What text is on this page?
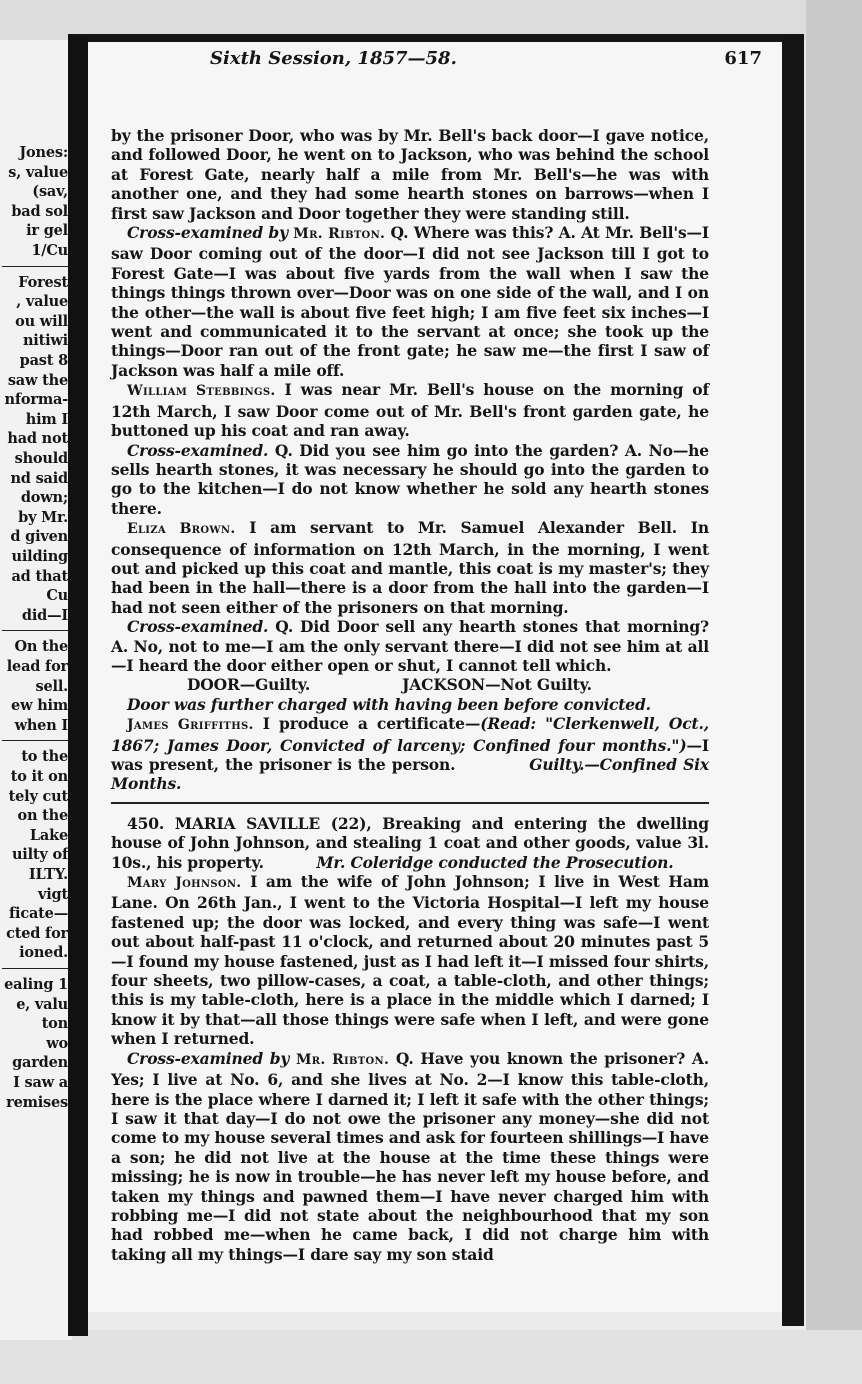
Jones:
s, value
(sav,
bad sol
ir gel
1/Cu
Forest
, value
ou will
nitiwi
past 8
saw the
nforma-
him I
had not
should
nd said
down;
by Mr.
d given
uilding
ad that
Cu
did—I
On the
lead for
sell.
ew him
when I
to the
to it on
tely cut
on the
Lake
uilty of
ILTY.
vigt
ficate—
cted for
ioned.
ealing 1
e, valu
ton
wo
garden
I saw a
remises
Sixth Session, 1857—58.	617

by the prisoner Door, who was by Mr. Bell's back door—I gave notice, and followed Door, he went on to Jackson, who was behind the school at Forest Gate, nearly half a mile from Mr. Bell's—he was with another one, and they had some hearth stones on barrows—when I first saw Jackson and Door together they were standing still.

Cross-examined by Mr. Ribton. Q. Where was this? A. At Mr. Bell's—I saw Door coming out of the door—I did not see Jackson till I got to Forest Gate—I was about five yards from the wall when I saw the things things thrown over—Door was on one side of the wall, and I on the other—the wall is about five feet high; I am five feet six inches—I went and communicated it to the servant at once; she took up the things—Door ran out of the front gate; he saw me—the first I saw of Jackson was half a mile off.

William Stebbings. I was near Mr. Bell's house on the morning of 12th March, I saw Door come out of Mr. Bell's front garden gate, he buttoned up his coat and ran away.

Cross-examined. Q. Did you see him go into the garden? A. No—he sells hearth stones, it was necessary he should go into the garden to go to the kitchen—I do not know whether he sold any hearth stones there.

Eliza Brown. I am servant to Mr. Samuel Alexander Bell. In consequence of information on 12th March, in the morning, I went out and picked up this coat and mantle, this coat is my master's; they had been in the hall—there is a door from the hall into the garden—I had not seen either of the prisoners on that morning.

Cross-examined. Q. Did Door sell any hearth stones that morning? A. No, not to me—I am the only servant there—I did not see him at all—I heard the door either open or shut, I cannot tell which.

DOOR—Guilty.	JACKSON—Not Guilty.

Door was further charged with having been before convicted.

James Griffiths. I produce a certificate—(Read: "Clerkenwell, Oct., 1867; James Door, Convicted of larceny; Confined four months.")—I was present, the prisoner is the person.	Guilty.—Confined Six Months.

450. MARIA SAVILLE (22), Breaking and entering the dwelling house of John Johnson, and stealing 1 coat and other goods, value 3l. 10s., his property.	Mr. Coleridge conducted the Prosecution.

Mary Johnson. I am the wife of John Johnson; I live in West Ham Lane. On 26th Jan., I went to the Victoria Hospital—I left my house fastened up; the door was locked, and every thing was safe—I went out about half-past 11 o'clock, and returned about 20 minutes past 5—I found my house fastened, just as I had left it—I missed four shirts, four sheets, two pillow-cases, a coat, a table-cloth, and other things; this is my table-cloth, here is a place in the middle which I darned; I know it by that—all those things were safe when I left, and were gone when I returned.

Cross-examined by Mr. Ribton. Q. Have you known the prisoner? A. Yes; I live at No. 6, and she lives at No. 2—I know this table-cloth, here is the place where I darned it; I left it safe with the other things; I saw it that day—I do not owe the prisoner any money—she did not come to my house several times and ask for fourteen shillings—I have a son; he did not live at the house at the time these things were missing; he is now in trouble—he has never left my house before, and taken my things and pawned them—I have never charged him with robbing me—I did not state about the neighbourhood that my son had robbed me—when he came back, I did not charge him with taking all my things—I dare say my son staid
